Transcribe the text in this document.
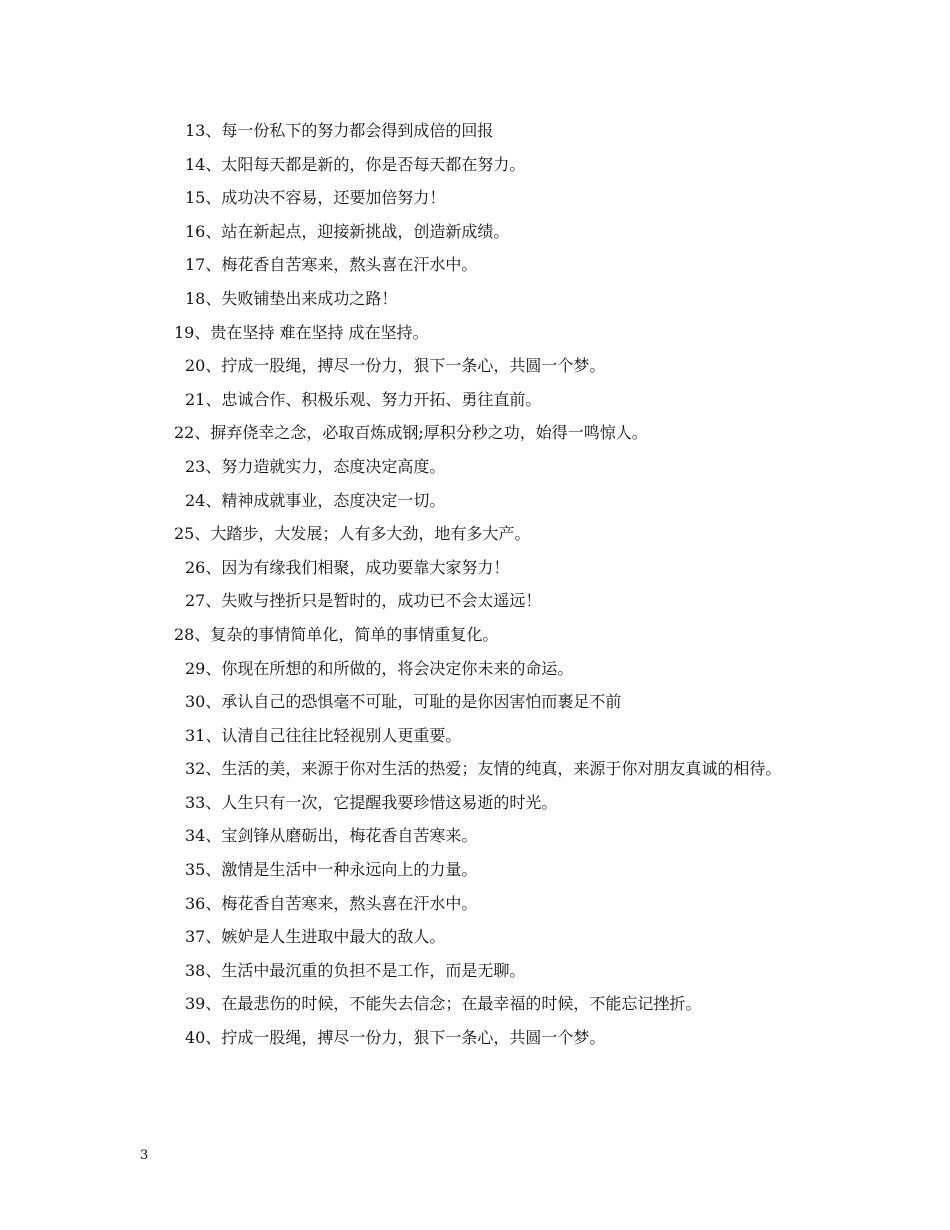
13、每一份私下的努力都会得到成倍的回报

14、太阳每天都是新的，你是否每天都在努力。

15、成功决不容易，还要加倍努力！

16、站在新起点，迎接新挑战，创造新成绩。

17、梅花香自苦寒来，熬头喜在汗水中。

18、失败铺垫出来成功之路！

19、贵在坚持 难在坚持 成在坚持。

20、拧成一股绳，搏尽一份力，狠下一条心，共圆一个梦。

21、忠诚合作、积极乐观、努力开拓、勇往直前。

22、摒弃侥幸之念，必取百炼成钢;厚积分秒之功，始得一鸣惊人。

23、努力造就实力，态度决定高度。

24、精神成就事业，态度决定一切。

25、大踏步，大发展；人有多大劲，地有多大产。

26、因为有缘我们相聚，成功要靠大家努力！

27、失败与挫折只是暂时的，成功已不会太遥远！

28、复杂的事情简单化，简单的事情重复化。

29、你现在所想的和所做的，将会决定你未来的命运。

30、承认自己的恐惧毫不可耻，可耻的是你因害怕而裹足不前

31、认清自己往往比轻视别人更重要。

32、生活的美，来源于你对生活的热爱；友情的纯真，来源于你对朋友真诚的相待。

33、人生只有一次，它提醒我要珍惜这易逝的时光。

34、宝剑锋从磨砺出，梅花香自苦寒来。

35、激情是生活中一种永远向上的力量。

36、梅花香自苦寒来，熬头喜在汗水中。

37、嫉妒是人生进取中最大的敌人。

38、生活中最沉重的负担不是工作，而是无聊。

39、在最悲伤的时候，不能失去信念；在最幸福的时候，不能忘记挫折。

40、拧成一股绳，搏尽一份力，狠下一条心，共圆一个梦。

3
